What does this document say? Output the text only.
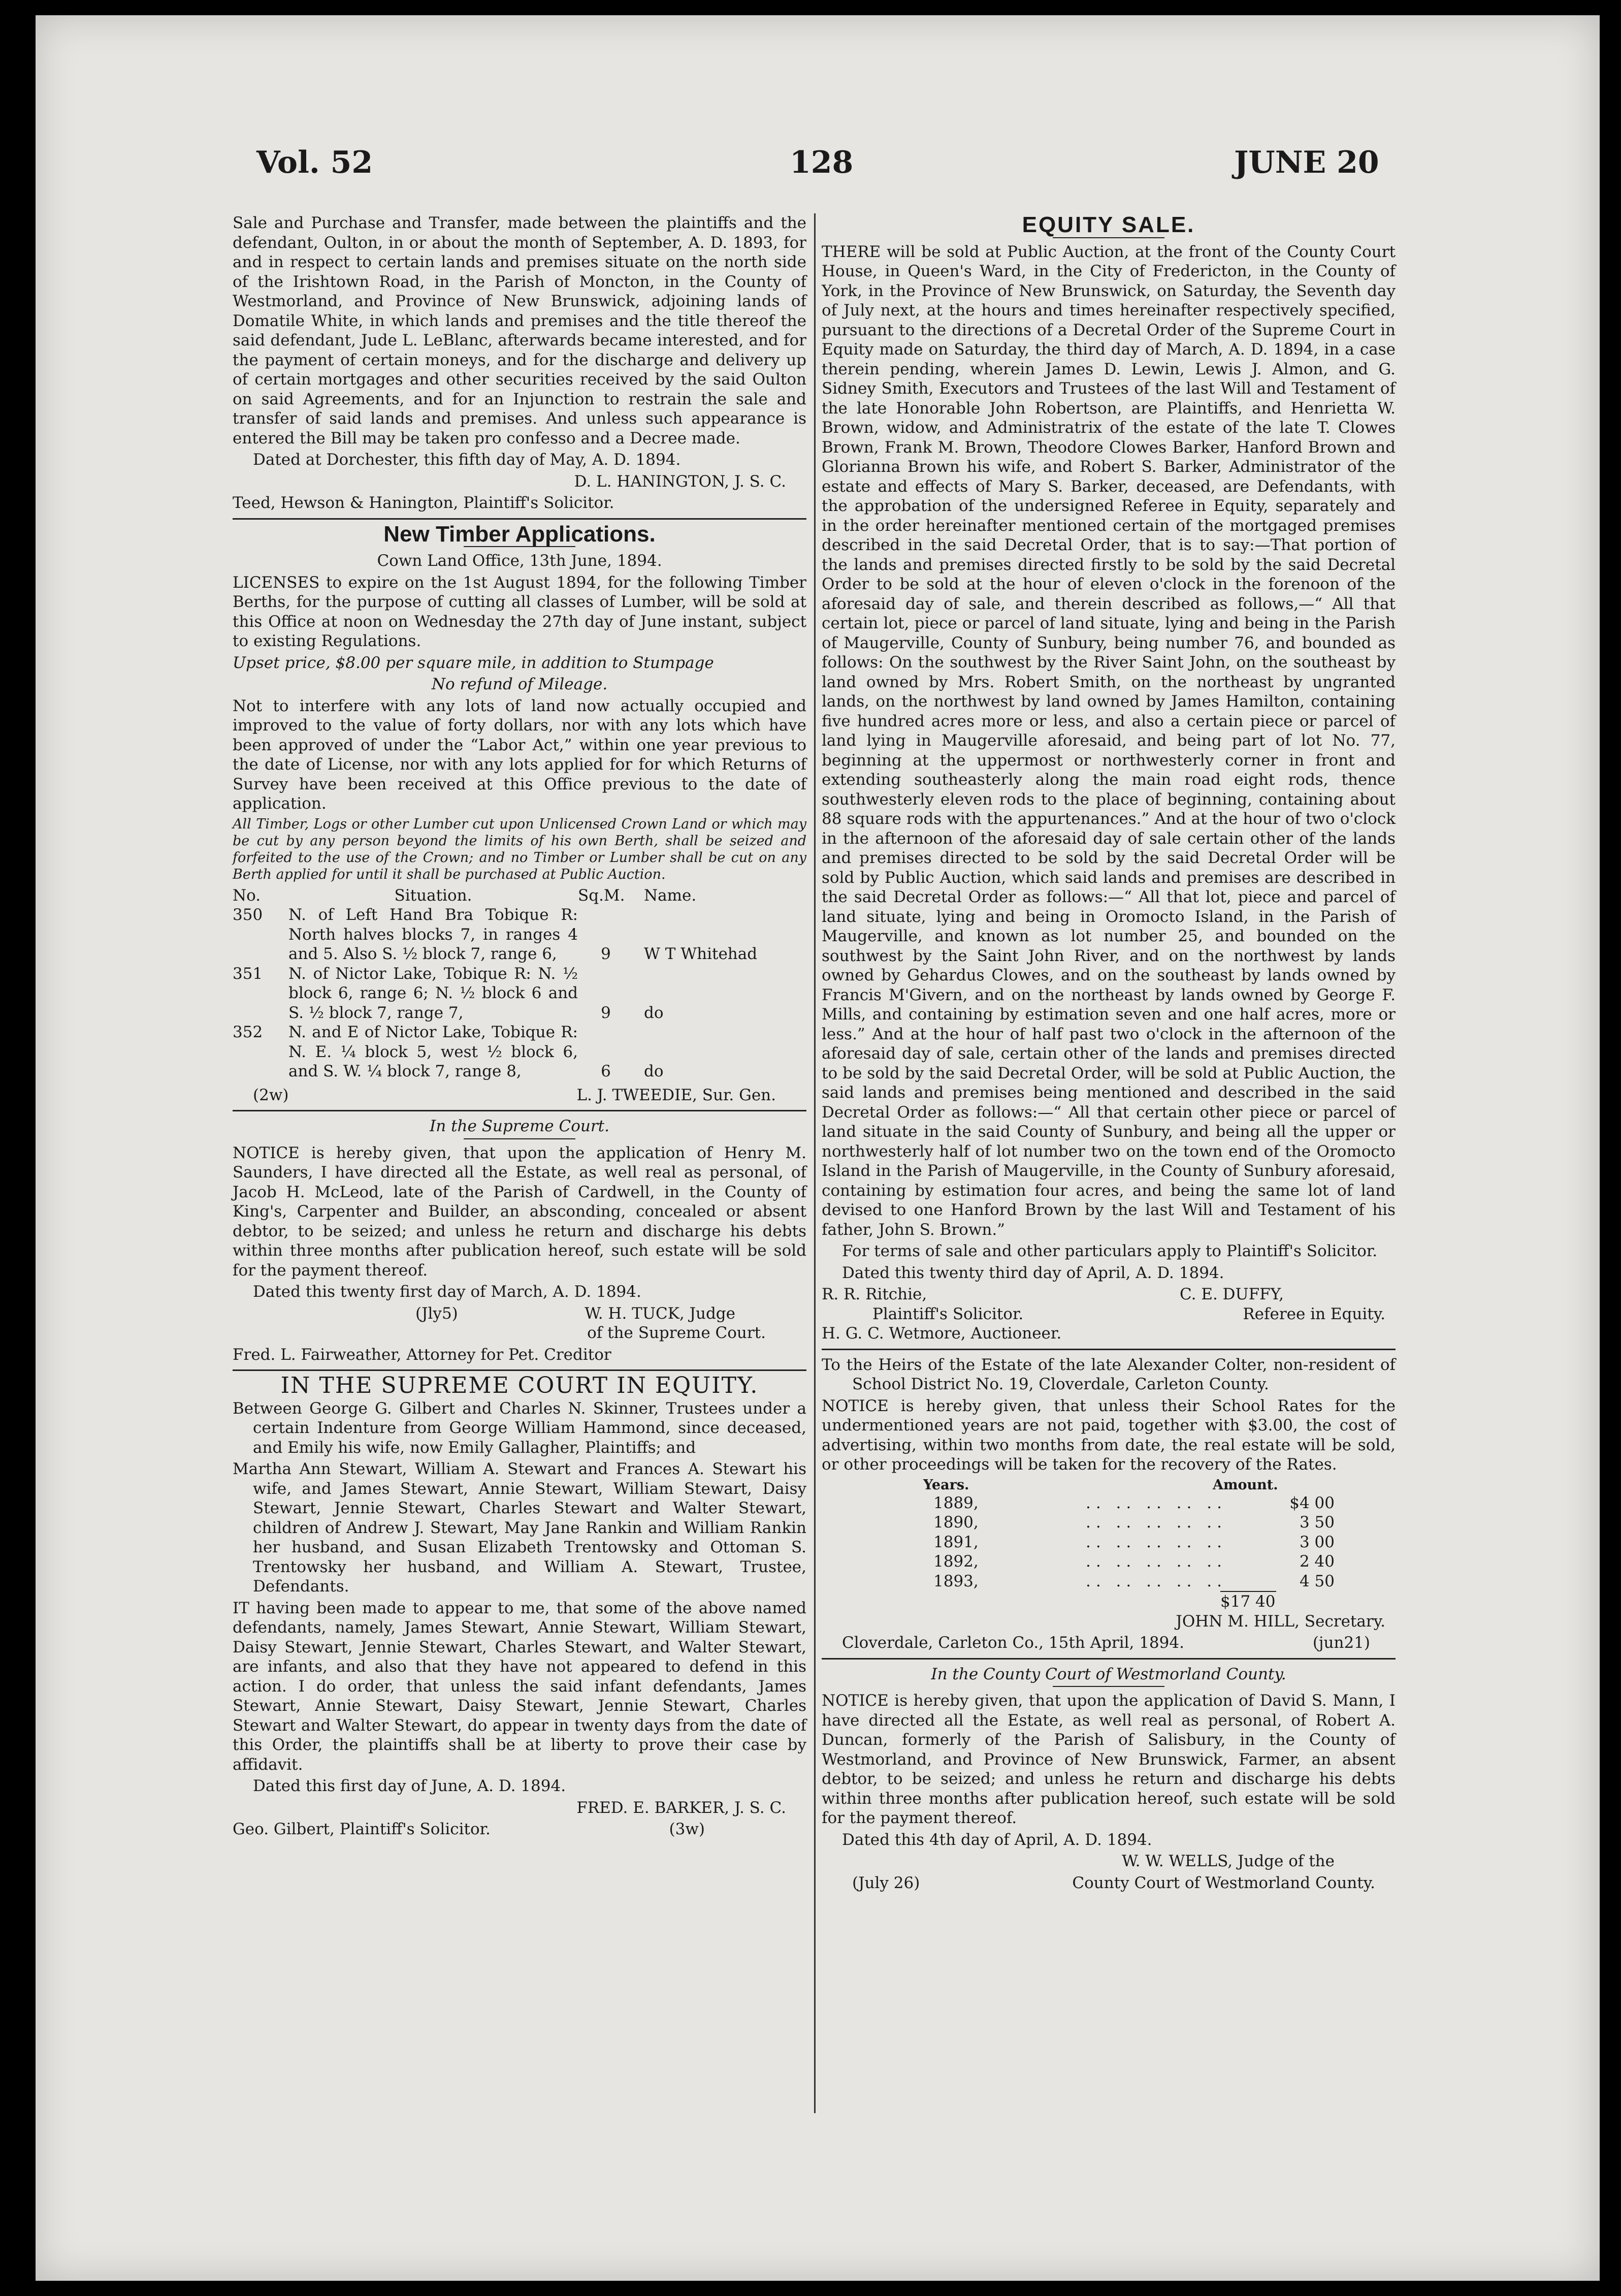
Vol. 52	128	JUNE 20

Sale and Purchase and Transfer, made between the plaintiffs and the defendant, Oulton, in or about the month of September, A. D. 1893, for and in respect to certain lands and premises situate on the north side of the Irishtown Road, in the Parish of Moncton, in the County of Westmorland, and Province of New Brunswick, adjoining lands of Domatile White, in which lands and premises and the title thereof the said defendant, Jude L. LeBlanc, afterwards became interested, and for the payment of certain moneys, and for the discharge and delivery up of certain mortgages and other securities received by the said Oulton on said Agreements, and for an Injunction to restrain the sale and transfer of said lands and premises. And unless such appearance is entered the Bill may be taken pro confesso and a Decree made.

Dated at Dorchester, this fifth day of May, A. D. 1894.

D. L. HANINGTON, J. S. C.

Teed, Hewson & Hanington, Plaintiff's Solicitor.

New Timber Applications.

Cown Land Office, 13th June, 1894.

LICENSES to expire on the 1st August 1894, for the following Timber Berths, for the purpose of cutting all classes of Lumber, will be sold at this Office at noon on Wednesday the 27th day of June instant, subject to existing Regulations.

Upset price, $8.00 per square mile, in addition to Stumpage

No refund of Mileage.

Not to interfere with any lots of land now actually occupied and improved to the value of forty dollars, nor with any lots which have been approved of under the “Labor Act,” within one year previous to the date of License, nor with any lots applied for for which Returns of Survey have been received at this Office previous to the date of application.

All Timber, Logs or other Lumber cut upon Unlicensed Crown Land or which may be cut by any person beyond the limits of his own Berth, shall be seized and forfeited to the use of the Crown; and no Timber or Lumber shall be cut on any Berth applied for until it shall be purchased at Public Auction.

No.	Situation.	Sq.M.	Name.
350	N. of Left Hand Bra Tobique R: North halves blocks 7, in ranges 4 and 5. Also S. ½ block 7, range 6,	9	W T Whitehad
351	N. of Nictor Lake, Tobique R: N. ½ block 6, range 6; N. ½ block 6 and S. ½ block 7, range 7,	9	do
352	N. and E of Nictor Lake, Tobique R: N. E. ¼ block 5, west ½ block 6, and S. W. ¼ block 7, range 8,	6	do
(2w)	L. J. TWEEDIE, Sur. Gen.

In the Supreme Court.

NOTICE is hereby given, that upon the application of Henry M. Saunders, I have directed all the Estate, as well real as personal, of Jacob H. McLeod, late of the Parish of Cardwell, in the County of King's, Carpenter and Builder, an absconding, concealed or absent debtor, to be seized; and unless he return and discharge his debts within three months after publication hereof, such estate will be sold for the payment thereof.

Dated this twenty first day of March, A. D. 1894.

(Jly5)	W. H. TUCK, Judge

of the Supreme Court.

Fred. L. Fairweather, Attorney for Pet. Creditor

IN THE SUPREME COURT IN EQUITY.

Between George G. Gilbert and Charles N. Skinner, Trustees under a certain Indenture from George William Hammond, since deceased, and Emily his wife, now Emily Gallagher, Plaintiffs; and

Martha Ann Stewart, William A. Stewart and Frances A. Stewart his wife, and James Stewart, Annie Stewart, William Stewart, Daisy Stewart, Jennie Stewart, Charles Stewart and Walter Stewart, children of Andrew J. Stewart, May Jane Rankin and William Rankin her husband, and Susan Elizabeth Trentowsky and Ottoman S. Trentowsky her husband, and William A. Stewart, Trustee, Defendants.

IT having been made to appear to me, that some of the above named defendants, namely, James Stewart, Annie Stewart, William Stewart, Daisy Stewart, Jennie Stewart, Charles Stewart, and Walter Stewart, are infants, and also that they have not appeared to defend in this action. I do order, that unless the said infant defendants, James Stewart, Annie Stewart, Daisy Stewart, Jennie Stewart, Charles Stewart and Walter Stewart, do appear in twenty days from the date of this Order, the plaintiffs shall be at liberty to prove their case by affidavit.

Dated this first day of June, A. D. 1894.

FRED. E. BARKER, J. S. C.

Geo. Gilbert, Plaintiff's Solicitor.	(3w)
EQUITY SALE.

THERE will be sold at Public Auction, at the front of the County Court House, in Queen's Ward, in the City of Fredericton, in the County of York, in the Province of New Brunswick, on Saturday, the Seventh day of July next, at the hours and times hereinafter respectively specified, pursuant to the directions of a Decretal Order of the Supreme Court in Equity made on Saturday, the third day of March, A. D. 1894, in a case therein pending, wherein James D. Lewin, Lewis J. Almon, and G. Sidney Smith, Executors and Trustees of the last Will and Testament of the late Honorable John Robertson, are Plaintiffs, and Henrietta W. Brown, widow, and Administratrix of the estate of the late T. Clowes Brown, Frank M. Brown, Theodore Clowes Barker, Hanford Brown and Glorianna Brown his wife, and Robert S. Barker, Administrator of the estate and effects of Mary S. Barker, deceased, are Defendants, with the approbation of the undersigned Referee in Equity, separately and in the order hereinafter mentioned certain of the mortgaged premises described in the said Decretal Order, that is to say:—That portion of the lands and premises directed firstly to be sold by the said Decretal Order to be sold at the hour of eleven o'clock in the forenoon of the aforesaid day of sale, and therein described as follows,—“ All that certain lot, piece or parcel of land situate, lying and being in the Parish of Maugerville, County of Sunbury, being number 76, and bounded as follows: On the southwest by the River Saint John, on the southeast by land owned by Mrs. Robert Smith, on the northeast by ungranted lands, on the northwest by land owned by James Hamilton, containing five hundred acres more or less, and also a certain piece or parcel of land lying in Maugerville aforesaid, and being part of lot No. 77, beginning at the uppermost or northwesterly corner in front and extending southeasterly along the main road eight rods, thence southwesterly eleven rods to the place of beginning, containing about 88 square rods with the appurtenances.” And at the hour of two o'clock in the afternoon of the aforesaid day of sale certain other of the lands and premises directed to be sold by the said Decretal Order will be sold by Public Auction, which said lands and premises are described in the said Decretal Order as follows:—“ All that lot, piece and parcel of land situate, lying and being in Oromocto Island, in the Parish of Maugerville, and known as lot number 25, and bounded on the southwest by the Saint John River, and on the northwest by lands owned by Gehardus Clowes, and on the southeast by lands owned by Francis M'Givern, and on the northeast by lands owned by George F. Mills, and containing by estimation seven and one half acres, more or less.” And at the hour of half past two o'clock in the afternoon of the aforesaid day of sale, certain other of the lands and premises directed to be sold by the said Decretal Order, will be sold at Public Auction, the said lands and premises being mentioned and described in the said Decretal Order as follows:—“ All that certain other piece or parcel of land situate in the said County of Sunbury, and being all the upper or northwesterly half of lot number two on the town end of the Oromocto Island in the Parish of Maugerville, in the County of Sunbury aforesaid, containing by estimation four acres, and being the same lot of land devised to one Hanford Brown by the last Will and Testament of his father, John S. Brown.”

For terms of sale and other particulars apply to Plaintiff's Solicitor.

Dated this twenty third day of April, A. D. 1894.

R. R. Ritchie,	C. E. DUFFY,
Plaintiff's Solicitor.	Referee in Equity.

H. G. C. Wetmore, Auctioneer.

To the Heirs of the Estate of the late Alexander Colter, non-resident of School District No. 19, Cloverdale, Carleton County.

NOTICE is hereby given, that unless their School Rates for the undermentioned years are not paid, together with $3.00, the cost of advertising, within two months from date, the real estate will be sold, or other proceedings will be taken for the recovery of the Rates.

Years.	Amount.
1889,	.. .. .. .. ..	$4 00
1890,	.. .. .. .. ..	3 50
1891,	.. .. .. .. ..	3 00
1892,	.. .. .. .. ..	2 40
1893,	.. .. .. .. ..	4 50
$17 40

JOHN M. HILL, Secretary.

Cloverdale, Carleton Co., 15th April, 1894.	(jun21)

In the County Court of Westmorland County.

NOTICE is hereby given, that upon the application of David S. Mann, I have directed all the Estate, as well real as personal, of Robert A. Duncan, formerly of the Parish of Salisbury, in the County of Westmorland, and Province of New Brunswick, Farmer, an absent debtor, to be seized; and unless he return and discharge his debts within three months after publication hereof, such estate will be sold for the payment thereof.

Dated this 4th day of April, A. D. 1894.

W. W. WELLS, Judge of the

(July 26)	County Court of Westmorland County.
